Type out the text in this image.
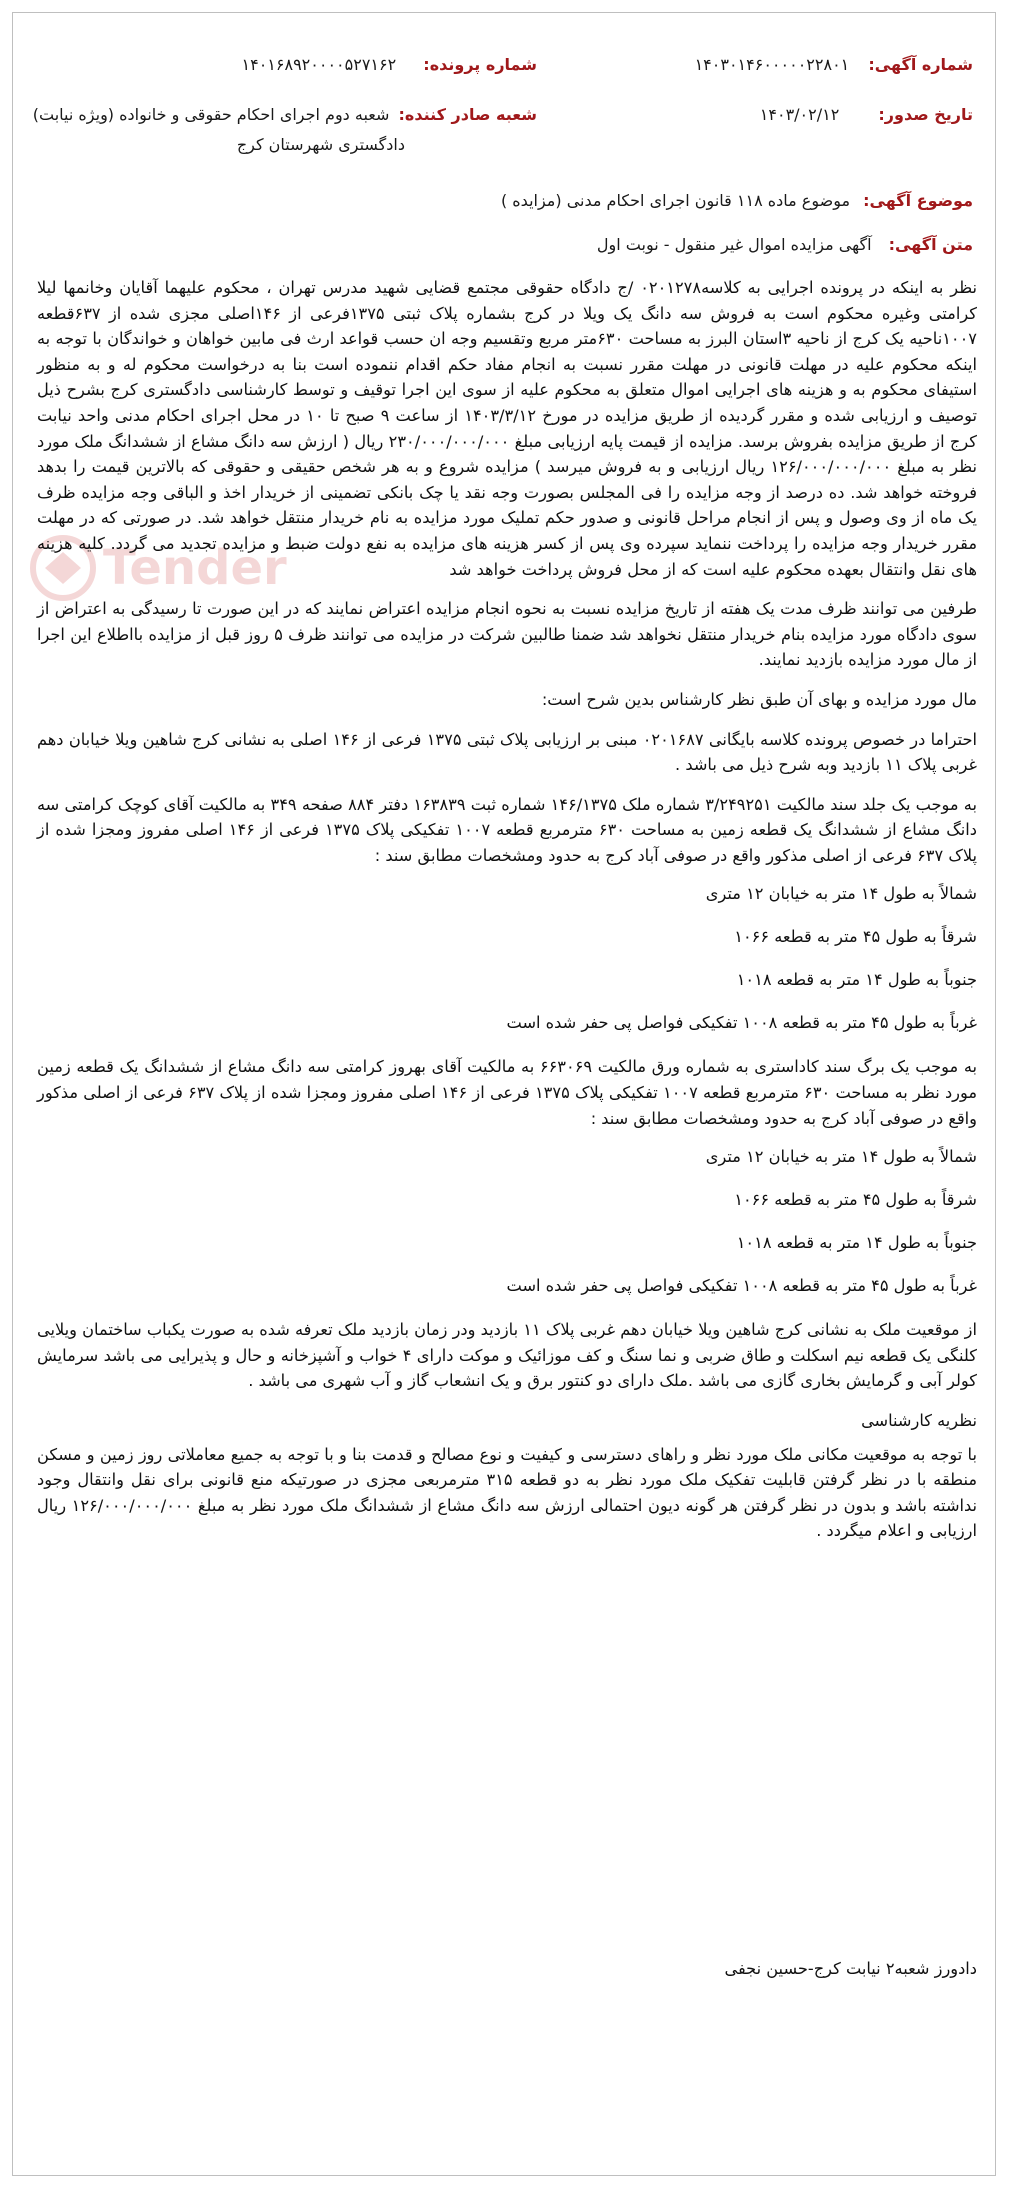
Tender
شماره آگهی: ۱۴۰۳۰۱۴۶۰۰۰۰۰۲۲۸۰۱
شماره پرونده: ۱۴۰۱۶۸۹۲۰۰۰۰۵۲۷۱۶۲
تاریخ صدور: ۱۴۰۳/۰۲/۱۲
شعبه صادر کننده: شعبه دوم اجرای احکام حقوقی و خانواده (ویژه نیابت)
دادگستری شهرستان کرج
موضوع آگهی: موضوع ماده ۱۱۸ قانون اجرای احکام مدنی (مزایده )
متن آگهی: آگهی مزایده اموال غیر منقول - نوبت اول

نظر به اینکه در پرونده اجرایی به کلاسه۰۲۰۱۲۷۸ /ج دادگاه حقوقی مجتمع قضایی شهید مدرس تهران ، محکوم علیهما آقایان وخانمها لیلا کرامتی وغیره محکوم است به فروش سه دانگ یک ویلا در کرج بشماره پلاک ثبتی ۱۳۷۵فرعی از ۱۴۶اصلی مجزی شده از ۶۳۷قطعه ۱۰۰۷ناحیه یک کرج از ناحیه ۳استان البرز به مساحت ۶۳۰متر مربع وتقسیم وجه ان حسب قواعد ارث فی مابین خواهان و خواندگان با توجه به اینکه محکوم علیه در مهلت قانونی در مهلت مقرر نسبت به انجام مفاد حکم اقدام ننموده است بنا به درخواست محکوم له و به منظور استیفای محکوم به و هزینه های اجرایی اموال متعلق به محکوم علیه از سوی این اجرا توقیف و توسط کارشناسی دادگستری کرج بشرح ذیل توصیف و ارزیابی شده و مقرر گردیده از طریق مزایده در مورخ ۱۴۰۳/۳/۱۲ از ساعت ۹ صبح تا ۱۰ در محل اجرای احکام مدنی واحد نیابت کرج از طریق مزایده بفروش برسد. مزایده از قیمت پایه ارزیابی مبلغ ۲۳۰/۰۰۰/۰۰۰/۰۰۰ ریال ( ارزش سه دانگ مشاع از ششدانگ ملک مورد نظر به مبلغ ۱۲۶/۰۰۰/۰۰۰/۰۰۰ ریال ارزیابی و به فروش میرسد ) مزایده شروع و به هر شخص حقیقی و حقوقی که بالاترین قیمت را بدهد فروخته خواهد شد. ده درصد از وجه مزایده را فی المجلس بصورت وجه نقد یا چک بانکی تضمینی از خریدار اخذ و الباقی وجه مزایده ظرف یک ماه از وی وصول و پس از انجام مراحل قانونی و صدور حکم تملیک مورد مزایده به نام خریدار منتقل خواهد شد. در صورتی که در مهلت مقرر خریدار وجه مزایده را پرداخت ننماید سپرده وی پس از کسر هزینه های مزایده به نفع دولت ضبط و مزایده تجدید می گردد. کلیه هزینه های نقل وانتقال بعهده محکوم علیه است که از محل فروش پرداخت خواهد شد

طرفین می توانند ظرف مدت یک هفته از تاریخ مزایده نسبت به نحوه انجام مزایده اعتراض نمایند که در این صورت تا رسیدگی به اعتراض از سوی دادگاه مورد مزایده بنام خریدار منتقل نخواهد شد ضمنا طالبین شرکت در مزایده می توانند ظرف ۵ روز قبل از مزایده بااطلاع این اجرا از مال مورد مزایده بازدید نمایند.

مال مورد مزایده و بهای آن طبق نظر کارشناس بدین شرح است:

احتراما در خصوص پرونده کلاسه بایگانی ۰۲۰۱۶۸۷ مبنی بر ارزیابی پلاک ثبتی ۱۳۷۵ فرعی از ۱۴۶ اصلی به نشانی کرج شاهین ویلا خیابان دهم غربی پلاک ۱۱ بازدید وبه شرح ذیل می باشد .

به موجب یک جلد سند مالکیت ۳/۲۴۹۲۵۱ شماره ملک ۱۴۶/۱۳۷۵ شماره ثبت ۱۶۳۸۳۹ دفتر ۸۸۴ صفحه ۳۴۹ به مالکیت آقای کوچک کرامتی سه دانگ مشاع از ششدانگ یک قطعه زمین به مساحت ۶۳۰ مترمربع قطعه ۱۰۰۷ تفکیکی پلاک ۱۳۷۵ فرعی از ۱۴۶ اصلی مفروز ومجزا شده از پلاک ۶۳۷ فرعی از اصلی مذکور واقع در صوفی آباد کرج به حدود ومشخصات مطابق سند :

شمالاً به طول ۱۴ متر به خیابان ۱۲ متری
شرقاً به طول ۴۵ متر به قطعه ۱۰۶۶
جنوباً به طول ۱۴ متر به قطعه ۱۰۱۸
غرباً به طول ۴۵ متر به قطعه ۱۰۰۸ تفکیکی فواصل پی حفر شده است

به موجب یک برگ سند کاداستری به شماره ورق مالکیت ۶۶۳۰۶۹ به مالکیت آقای بهروز کرامتی سه دانگ مشاع از ششدانگ یک قطعه زمین مورد نظر به مساحت ۶۳۰ مترمربع قطعه ۱۰۰۷ تفکیکی پلاک ۱۳۷۵ فرعی از ۱۴۶ اصلی مفروز ومجزا شده از پلاک ۶۳۷ فرعی از اصلی مذکور واقع در صوفی آباد کرج به حدود ومشخصات مطابق سند :

شمالاً به طول ۱۴ متر به خیابان ۱۲ متری
شرقاً به طول ۴۵ متر به قطعه ۱۰۶۶
جنوباً به طول ۱۴ متر به قطعه ۱۰۱۸
غرباً به طول ۴۵ متر به قطعه ۱۰۰۸ تفکیکی فواصل پی حفر شده است

از موقعیت ملک به نشانی کرج شاهین ویلا خیابان دهم غربی پلاک ۱۱ بازدید ودر زمان بازدید ملک تعرفه شده به صورت یکباب ساختمان ویلایی کلنگی یک قطعه نیم اسکلت و طاق ضربی و نما سنگ و کف موزائیک و موکت دارای ۴ خواب و آشپزخانه و حال و پذیرایی می باشد سرمایش کولر آبی و گرمایش بخاری گازی می باشد .ملک دارای دو کنتور برق و یک انشعاب گاز و آب شهری می باشد .

نظریه کارشناسی

با توجه به موقعیت مکانی ملک مورد نظر و راهای دسترسی و کیفیت و نوع مصالح و قدمت بنا و با توجه به جمیع معاملاتی روز زمین و مسکن منطقه با در نظر گرفتن قابلیت تفکیک ملک مورد نظر به دو قطعه ۳۱۵ مترمربعی مجزی در صورتیکه منع قانونی برای نقل وانتقال وجود نداشته باشد و بدون در نظر گرفتن هر گونه دیون احتمالی ارزش سه دانگ مشاع از ششدانگ ملک مورد نظر به مبلغ ۱۲۶/۰۰۰/۰۰۰/۰۰۰ ریال ارزیابی و اعلام میگردد .

دادورز شعبه۲ نیابت کرج-حسین نجفی
